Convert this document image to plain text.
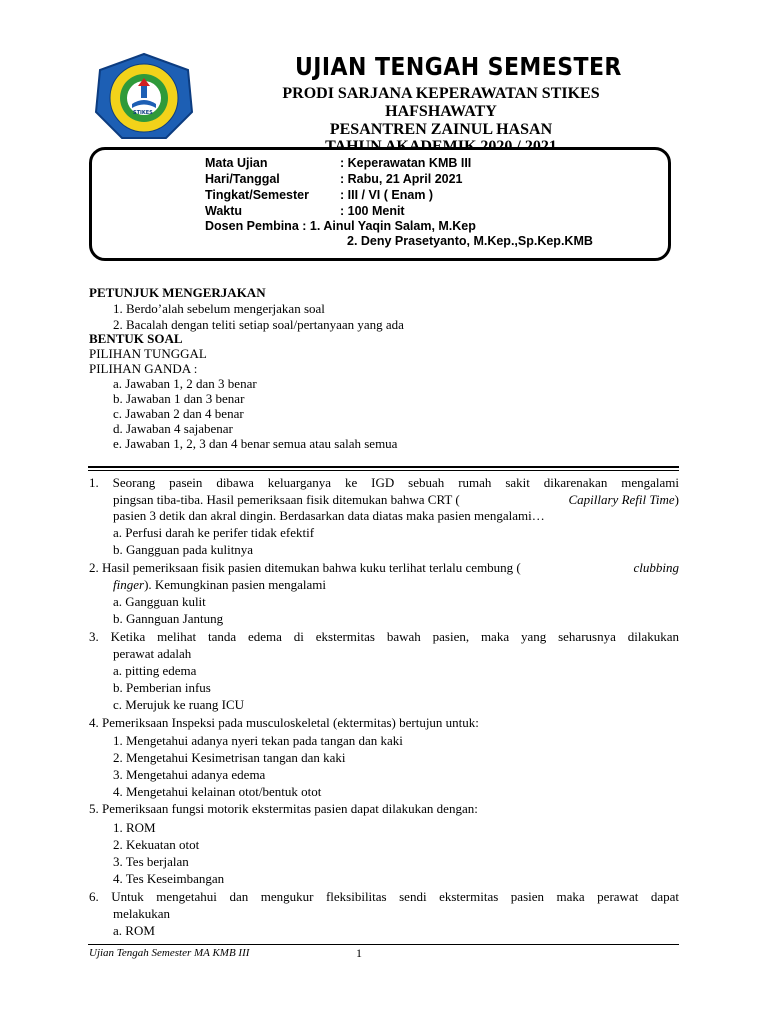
STIKES
UJIAN TENGAH SEMESTER
PRODI SARJANA KEPERAWATAN STIKES
HAFSHAWATY
PESANTREN ZAINUL HASAN
Mata Ujian	: Keperawatan KMB III
Hari/Tanggal	: Rabu, 21 April 2021
Tingkat/Semester : III / VI ( Enam )
Waktu	: 100 Menit
Dosen Pembina : 1. Ainul Yaqin Salam, M.Kep
2. Deny Prasetyanto, M.Kep.,Sp.Kep.KMB
PETUNJUK MENGERJAKAN
1. Berdo’alah sebelum mengerjakan soal
2. Bacalah dengan teliti setiap soal/pertanyaan yang ada
BENTUK SOAL
PILIHAN TUNGGAL
PILIHAN GANDA :
a. Jawaban 1, 2 dan 3 benar
b. Jawaban 1 dan 3 benar
c. Jawaban 2 dan 4 benar
d. Jawaban 4 sajabenar
e. Jawaban 1, 2, 3 dan 4 benar semua atau salah semua
1. Seorang pasein dibawa keluarganya ke IGD sebuah rumah sakit dikarenakan mengalami
pingsan tiba-tiba. Hasil pemeriksaan fisik ditemukan bahwa CRT (	Capillary Refil Time)
pasien 3 detik dan akral dingin. Berdasarkan data diatas maka pasien mengalami…
a. Perfusi darah ke perifer tidak efektif
b. Gangguan pada kulitnya
2. Hasil pemeriksaan fisik pasien ditemukan bahwa kuku terlihat terlalu cembung (	clubbing
finger). Kemungkinan pasien mengalami
a. Gangguan kulit
b. Gannguan Jantung
3. Ketika melihat tanda edema di ekstermitas bawah pasien, maka yang seharusnya dilakukan
perawat adalah
a. pitting edema
b. Pemberian infus
c. Merujuk ke ruang ICU
4. Pemeriksaan Inspeksi pada musculoskeletal (ektermitas) bertujun untuk:
1. Mengetahui adanya nyeri tekan pada tangan dan kaki
2. Mengetahui Kesimetrisan tangan dan kaki
3. Mengetahui adanya edema
4. Mengetahui kelainan otot/bentuk otot
5. Pemeriksaan fungsi motorik ekstermitas pasien dapat dilakukan dengan:
1. ROM
2. Kekuatan otot
3. Tes berjalan
4. Tes Keseimbangan
6. Untuk mengetahui dan mengukur fleksibilitas sendi ekstermitas pasien maka perawat dapat
melakukan
a. ROM
Ujian Tengah Semester MA KMB III	1
